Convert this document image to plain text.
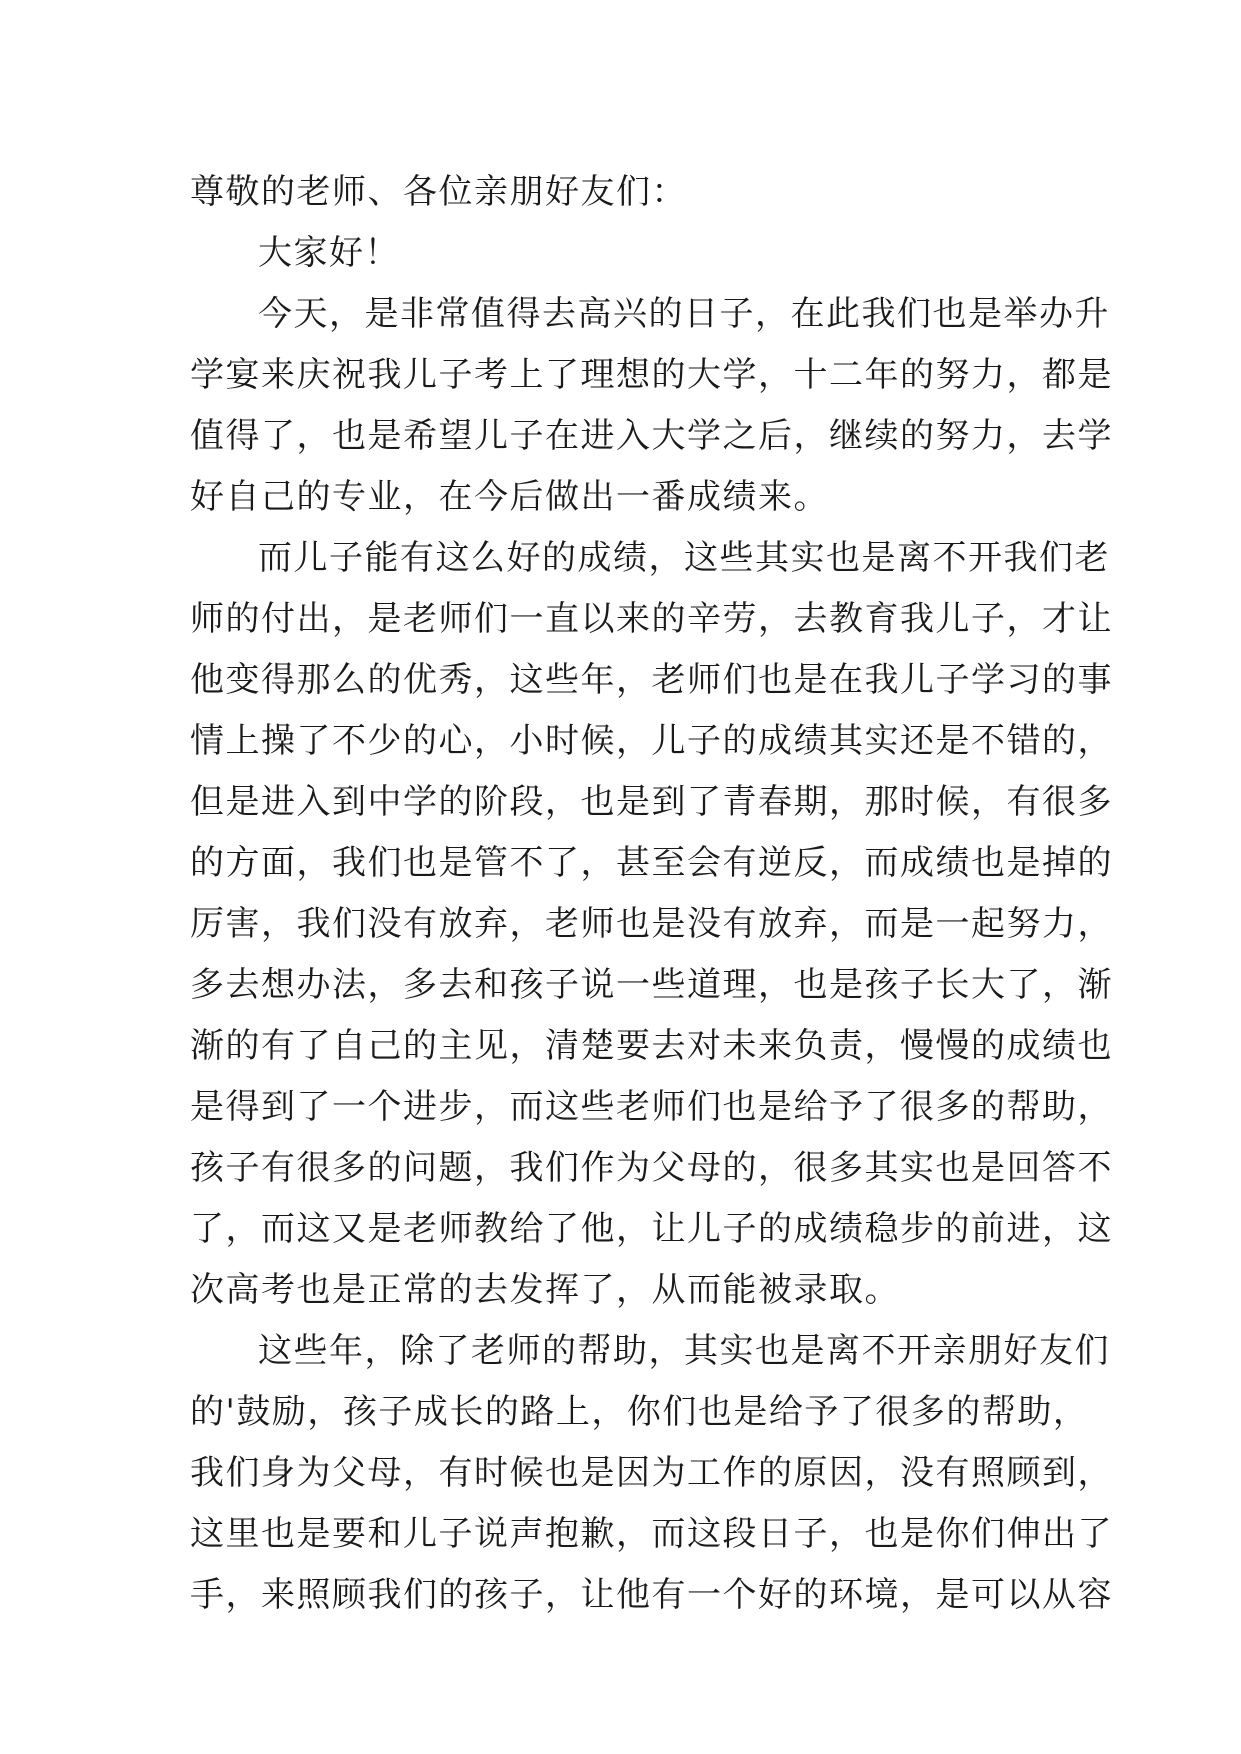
尊敬的老师、各位亲朋好友们：
大家好！
今天，是非常值得去高兴的日子，在此我们也是举办升
学宴来庆祝我儿子考上了理想的大学，十二年的努力，都是
值得了，也是希望儿子在进入大学之后，继续的努力，去学
好自己的专业，在今后做出一番成绩来。
而儿子能有这么好的成绩，这些其实也是离不开我们老
师的付出，是老师们一直以来的辛劳，去教育我儿子，才让
他变得那么的优秀，这些年，老师们也是在我儿子学习的事
情上操了不少的心，小时候，儿子的成绩其实还是不错的，
但是进入到中学的阶段，也是到了青春期，那时候，有很多
的方面，我们也是管不了，甚至会有逆反，而成绩也是掉的
厉害，我们没有放弃，老师也是没有放弃，而是一起努力，
多去想办法，多去和孩子说一些道理，也是孩子长大了，渐
渐的有了自己的主见，清楚要去对未来负责，慢慢的成绩也
是得到了一个进步，而这些老师们也是给予了很多的帮助，
孩子有很多的问题，我们作为父母的，很多其实也是回答不
了，而这又是老师教给了他，让儿子的成绩稳步的前进，这
次高考也是正常的去发挥了，从而能被录取。
这些年，除了老师的帮助，其实也是离不开亲朋好友们
的'鼓励，孩子成长的路上，你们也是给予了很多的帮助，
我们身为父母，有时候也是因为工作的原因，没有照顾到，
这里也是要和儿子说声抱歉，而这段日子，也是你们伸出了
手，来照顾我们的孩子，让他有一个好的环境，是可以从容
